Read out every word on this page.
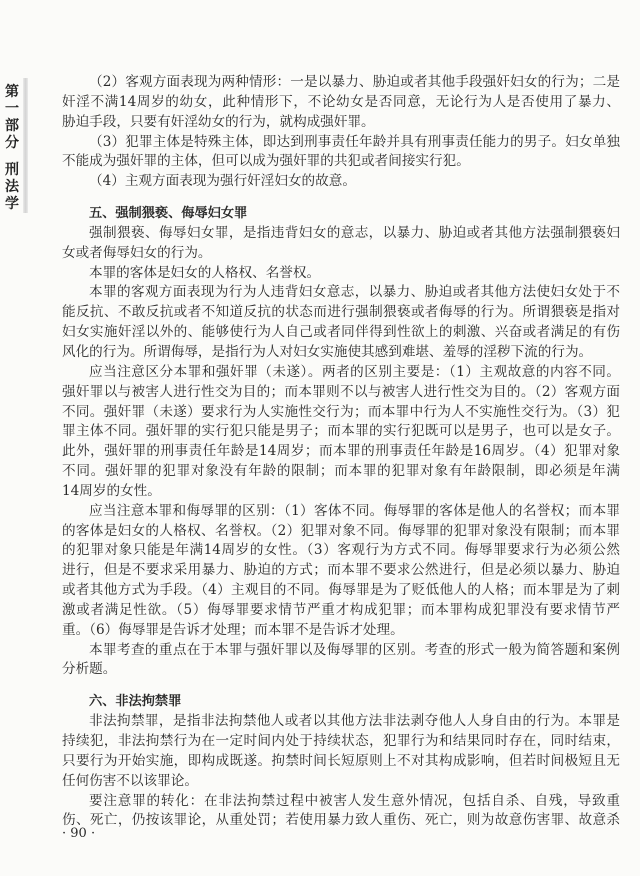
第一部分
刑法学
（2）客观方面表现为两种情形：一是以暴力、胁迫或者其他手段强奸妇女的行为；二是
奸淫不满14周岁的幼女，此种情形下，不论幼女是否同意，无论行为人是否使用了暴力、
胁迫手段，只要有奸淫幼女的行为，就构成强奸罪。
（3）犯罪主体是特殊主体，即达到刑事责任年龄并具有刑事责任能力的男子。妇女单独
不能成为强奸罪的主体，但可以成为强奸罪的共犯或者间接实行犯。
（4）主观方面表现为强行奸淫妇女的故意。
五、强制猥亵、侮辱妇女罪
强制猥亵、侮辱妇女罪，是指违背妇女的意志，以暴力、胁迫或者其他方法强制猥亵妇
女或者侮辱妇女的行为。
本罪的客体是妇女的人格权、名誉权。
本罪的客观方面表现为行为人违背妇女意志，以暴力、胁迫或者其他方法使妇女处于不
能反抗、不敢反抗或者不知道反抗的状态而进行强制猥亵或者侮辱的行为。所谓猥亵是指对
妇女实施奸淫以外的、能够使行为人自己或者同伴得到性欲上的刺激、兴奋或者满足的有伤
风化的行为。所谓侮辱，是指行为人对妇女实施使其感到难堪、羞辱的淫秽下流的行为。
应当注意区分本罪和强奸罪（未遂）。两者的区别主要是：（1）主观故意的内容不同。
强奸罪以与被害人进行性交为目的；而本罪则不以与被害人进行性交为目的。（2）客观方面
不同。强奸罪（未遂）要求行为人实施性交行为；而本罪中行为人不实施性交行为。（3）犯
罪主体不同。强奸罪的实行犯只能是男子；而本罪的实行犯既可以是男子，也可以是女子。
此外，强奸罪的刑事责任年龄是14周岁；而本罪的刑事责任年龄是16周岁。（4）犯罪对象
不同。强奸罪的犯罪对象没有年龄的限制；而本罪的犯罪对象有年龄限制，即必须是年满
14周岁的女性。
应当注意本罪和侮辱罪的区别：（1）客体不同。侮辱罪的客体是他人的名誉权；而本罪
的客体是妇女的人格权、名誉权。（2）犯罪对象不同。侮辱罪的犯罪对象没有限制；而本罪
的犯罪对象只能是年满14周岁的女性。（3）客观行为方式不同。侮辱罪要求行为必须公然
进行，但是不要求采用暴力、胁迫的方式；而本罪不要求公然进行，但是必须以暴力、胁迫
或者其他方式为手段。（4）主观目的不同。侮辱罪是为了贬低他人的人格；而本罪是为了刺
激或者满足性欲。（5）侮辱罪要求情节严重才构成犯罪；而本罪构成犯罪没有要求情节严
重。（6）侮辱罪是告诉才处理；而本罪不是告诉才处理。
本罪考查的重点在于本罪与强奸罪以及侮辱罪的区别。考查的形式一般为简答题和案例
分析题。
六、非法拘禁罪
非法拘禁罪，是指非法拘禁他人或者以其他方法非法剥夺他人人身自由的行为。本罪是
持续犯，非法拘禁行为在一定时间内处于持续状态，犯罪行为和结果同时存在，同时结束，
只要行为开始实施，即构成既遂。拘禁时间长短原则上不对其构成影响，但若时间极短且无
任何伤害不以该罪论。
要注意罪的转化：在非法拘禁过程中被害人发生意外情况，包括自杀、自残，导致重
伤、死亡，仍按该罪论，从重处罚；若使用暴力致人重伤、死亡，则为故意伤害罪、故意杀
· 90 ·
